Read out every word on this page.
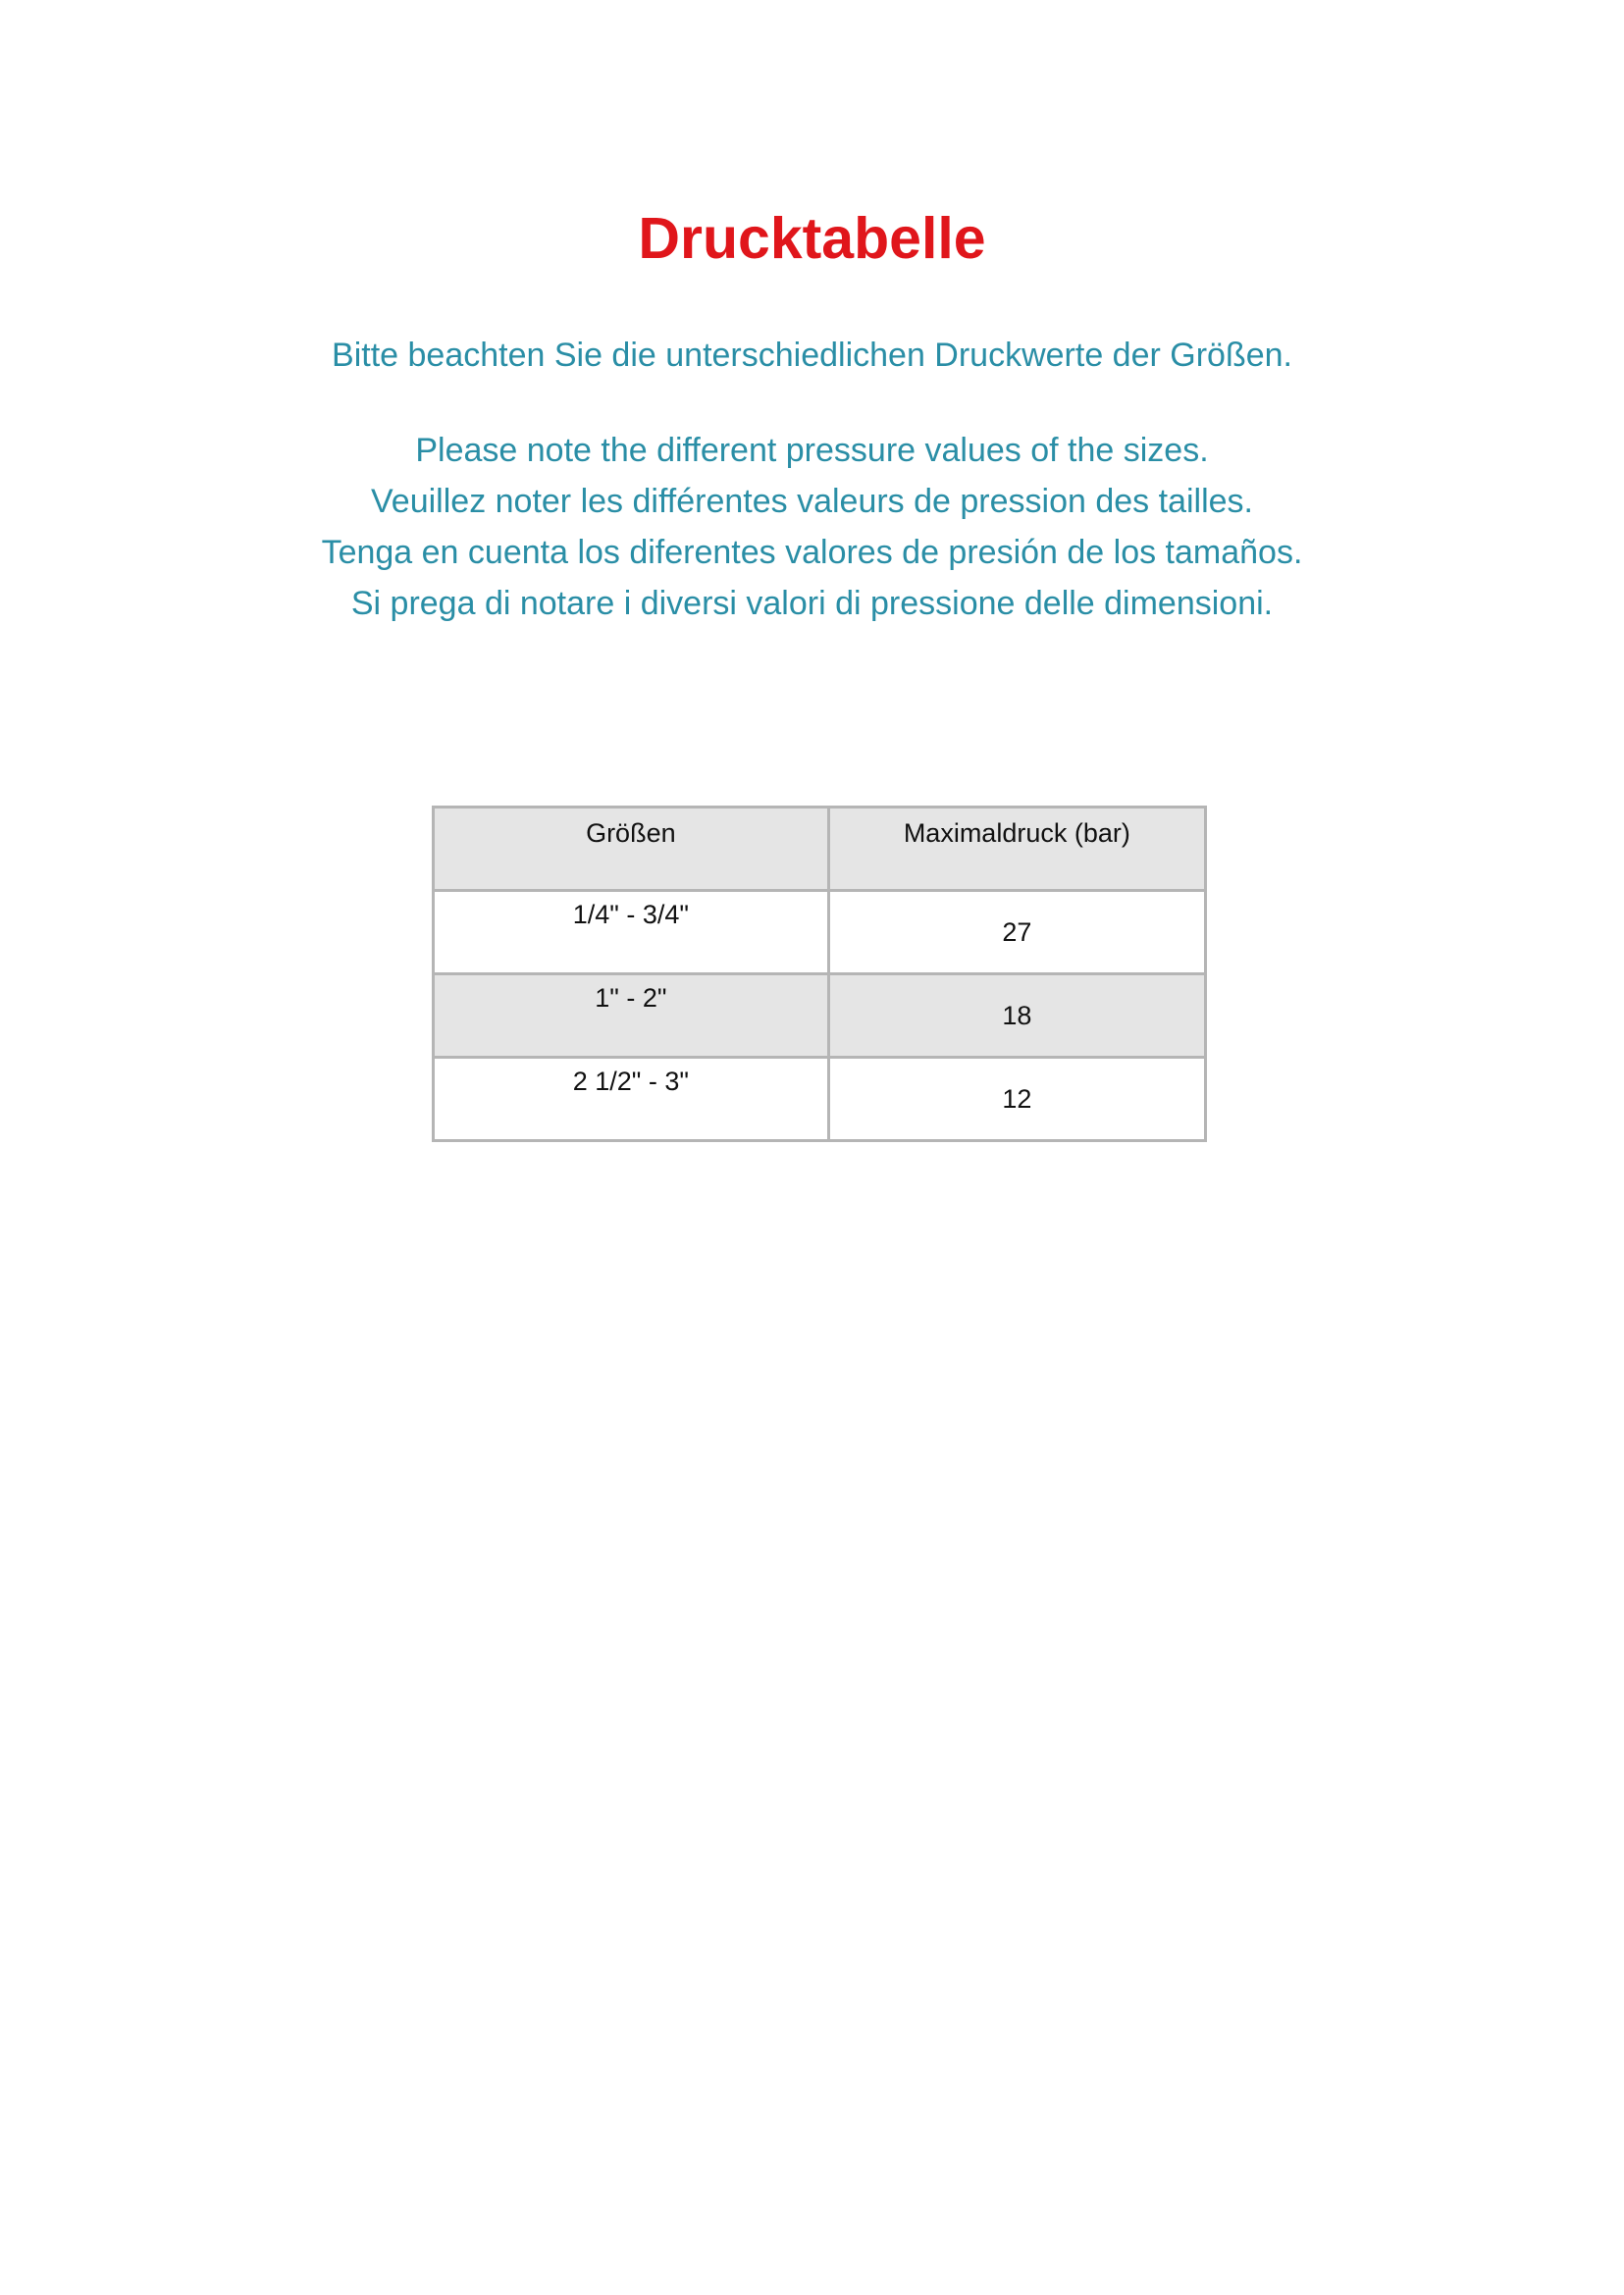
Drucktabelle
Bitte beachten Sie die unterschiedlichen Druckwerte der Größen.
Please note the different pressure values of the sizes.
Veuillez noter les différentes valeurs de pression des tailles.
Tenga en cuenta los diferentes valores de presión de los tamaños.
Si prega di notare i diversi valori di pressione delle dimensioni.
Größen	Maximaldruck (bar)
1/4" - 3/4"	27
1" - 2"	18
2 1/2" - 3"	12
